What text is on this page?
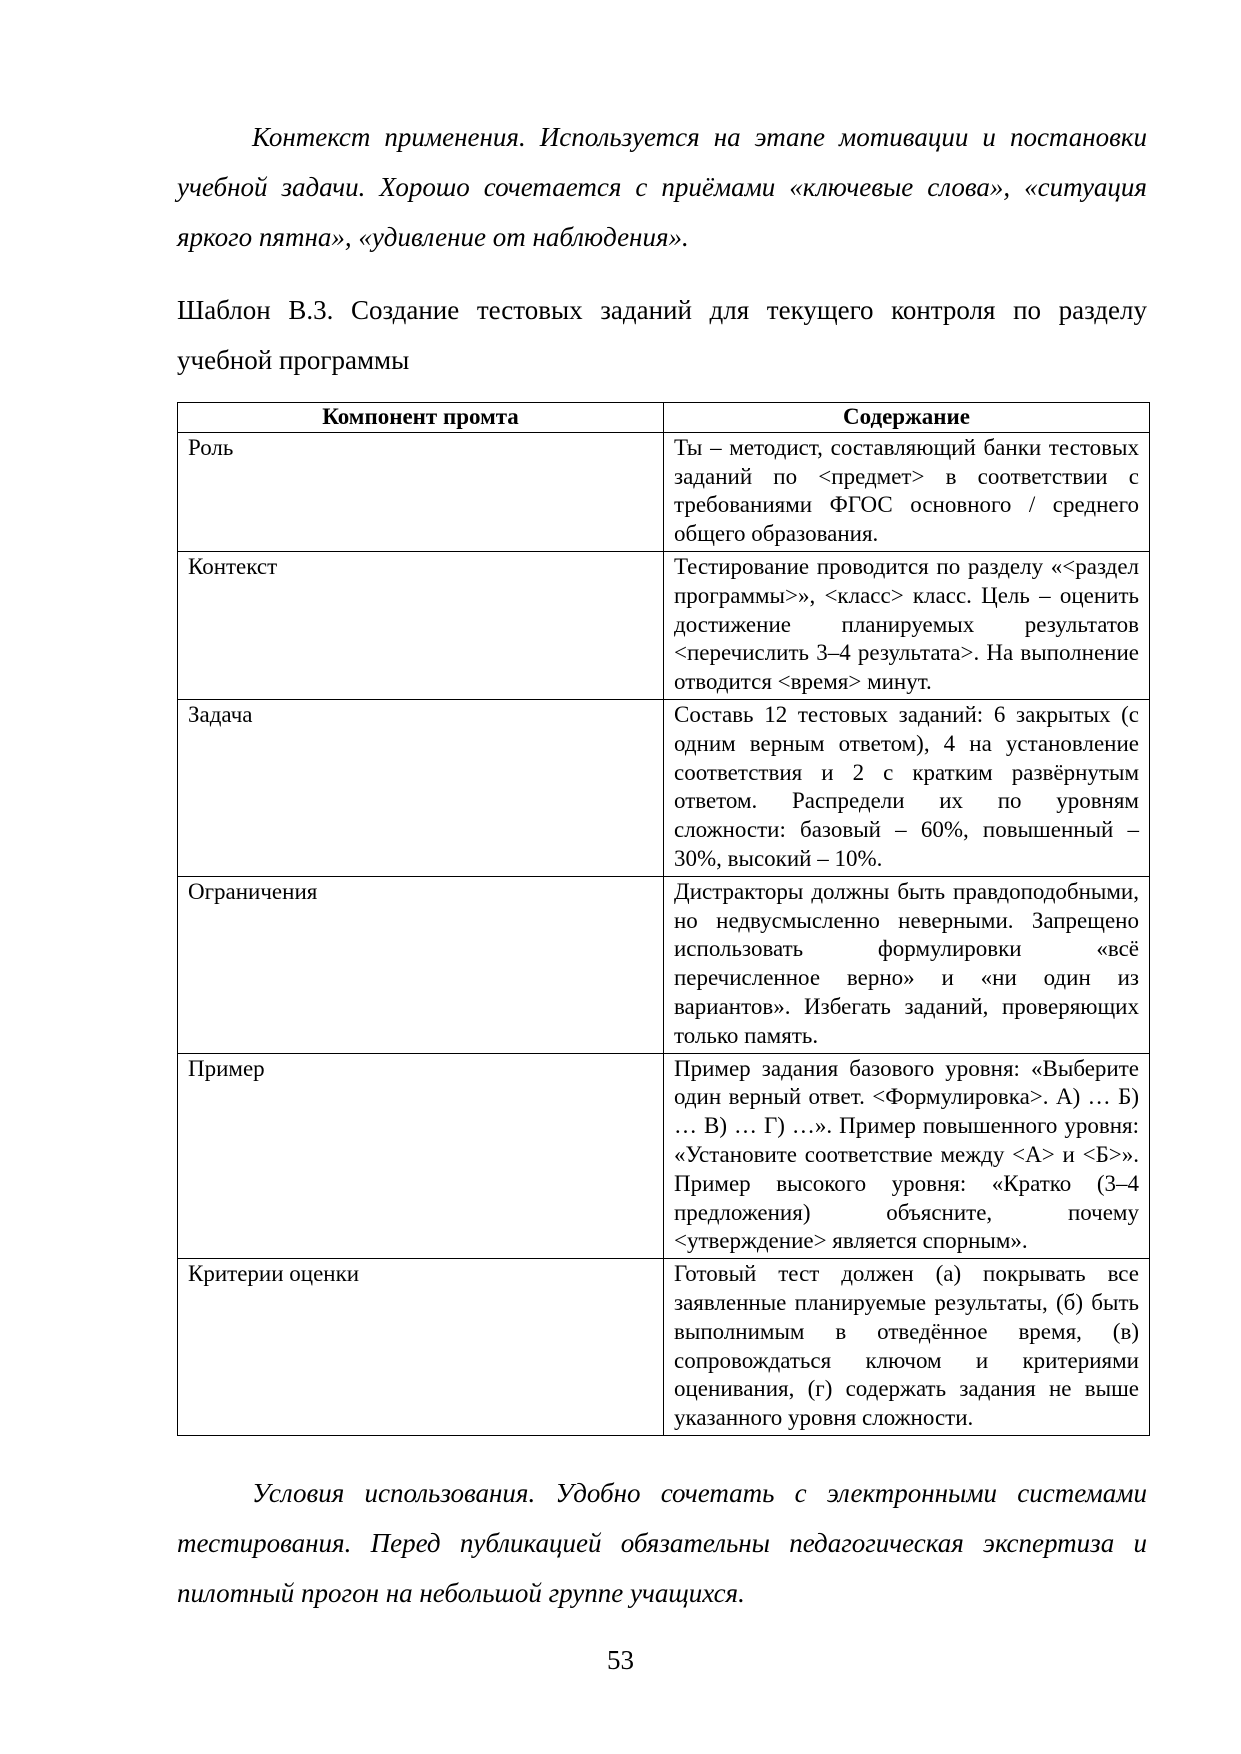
Контекст применения. Используется на этапе мотивации и постановки учебной задачи. Хорошо сочетается с приёмами «ключевые слова», «ситуация яркого пятна», «удивление от наблюдения».

Шаблон В.3. Создание тестовых заданий для текущего контроля по разделу учебной программы

Компонент промта	Содержание
Роль	Ты – методист, составляющий банки тестовых заданий по <предмет> в соответствии с требованиями ФГОС основного / среднего общего образования.
Контекст	Тестирование проводится по разделу «<раздел программы>», <класс> класс. Цель – оценить достижение планируемых результатов <перечислить 3–4 результата>. На выполнение отводится <время> минут.
Задача	Составь 12 тестовых заданий: 6 закрытых (с одним верным ответом), 4 на установление соответствия и 2 с кратким развёрнутым ответом. Распредели их по уровням сложности: базовый – 60%, повышенный – 30%, высокий – 10%.
Ограничения	Дистракторы должны быть правдоподобными, но недвусмысленно неверными. Запрещено использовать формулировки «всё перечисленное верно» и «ни один из вариантов». Избегать заданий, проверяющих только память.
Пример	Пример задания базового уровня: «Выберите один верный ответ. <Формулировка>. А) … Б) … В) … Г) …». Пример повышенного уровня: «Установите соответствие между <А> и <Б>». Пример высокого уровня: «Кратко (3–4 предложения) объясните, почему <утверждение> является спорным».
Критерии оценки	Готовый тест должен (а) покрывать все заявленные планируемые результаты, (б) быть выполнимым в отведённое время, (в) сопровождаться ключом и критериями оценивания, (г) содержать задания не выше указанного уровня сложности.

Условия использования. Удобно сочетать с электронными системами тестирования. Перед публикацией обязательны педагогическая экспертиза и пилотный прогон на небольшой группе учащихся.

53
